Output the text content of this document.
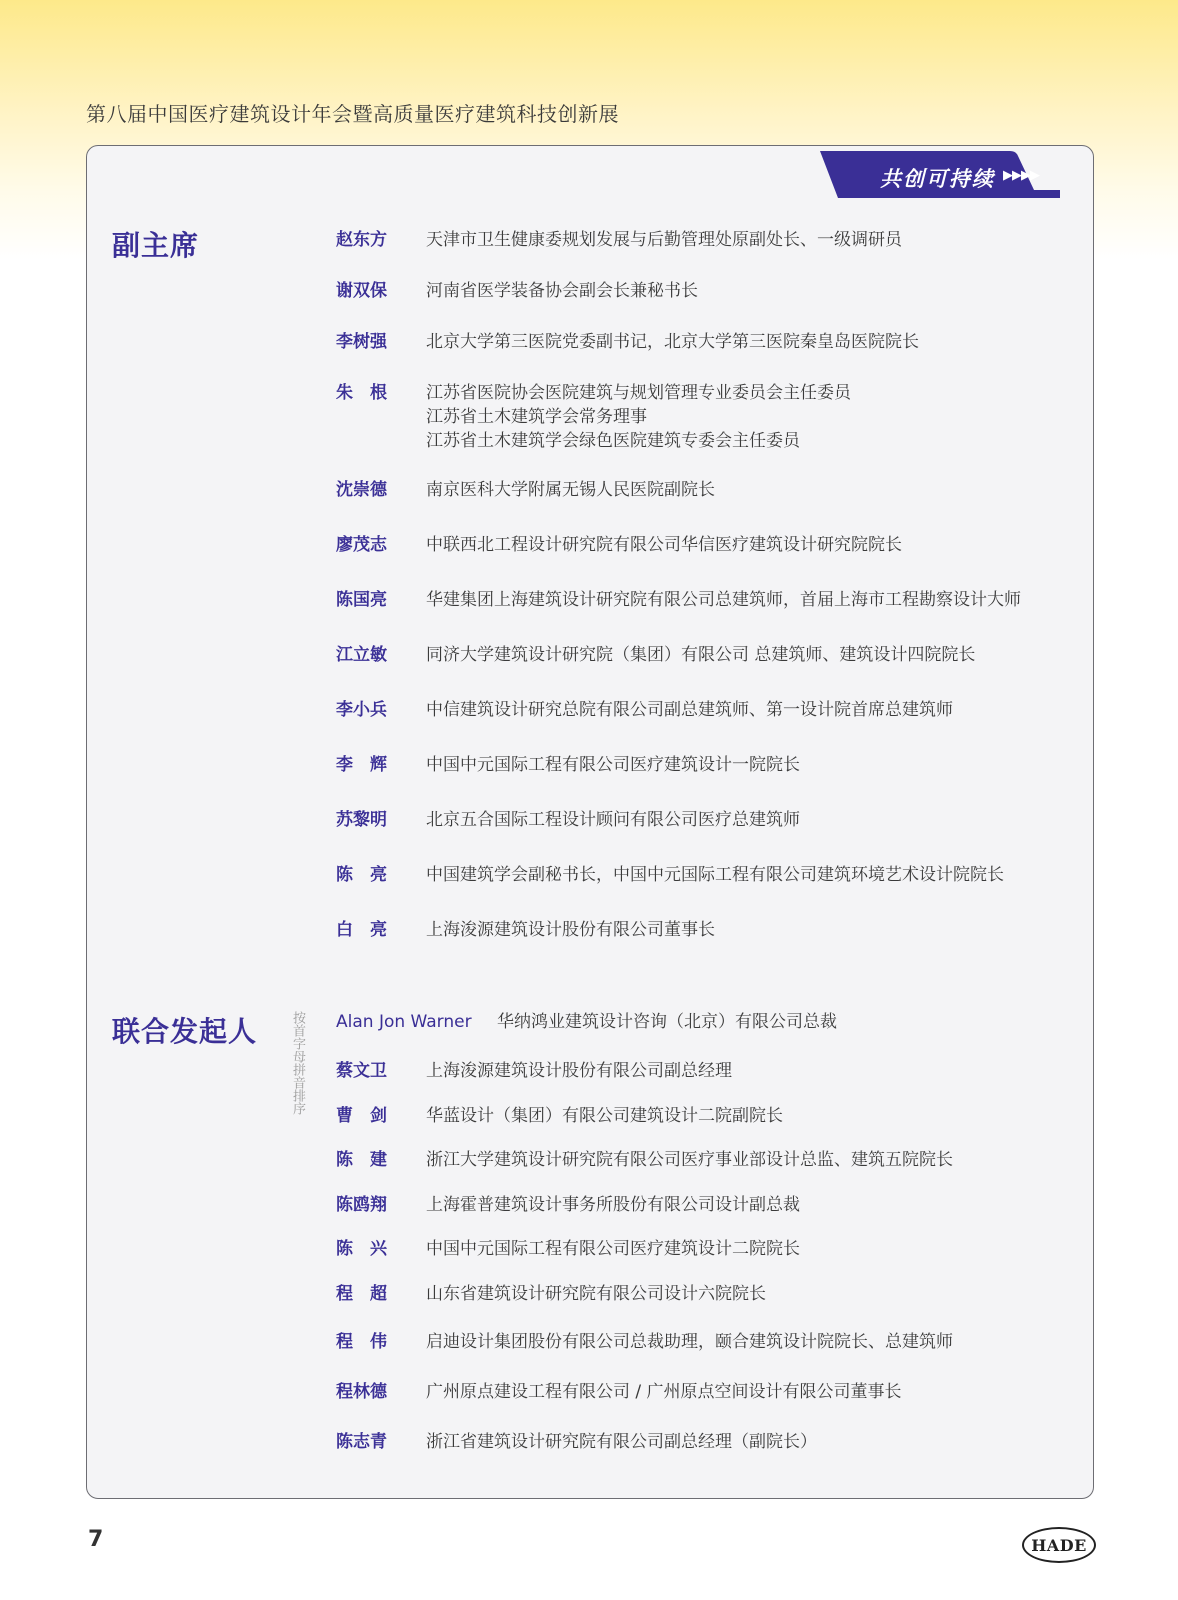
第八届中国医疗建筑设计年会暨高质量医疗建筑科技创新展
共创可持续 ▶▶▶▶
副主席
联合发起人	按首字母拼音排序
赵东方 天津市卫生健康委规划发展与后勤管理处原副处长、一级调研员
谢双保 河南省医学装备协会副会长兼秘书长
李树强 北京大学第三医院党委副书记，北京大学第三医院秦皇岛医院院长
朱　根 江苏省医院协会医院建筑与规划管理专业委员会主任委员
江苏省土木建筑学会常务理事
江苏省土木建筑学会绿色医院建筑专委会主任委员
沈崇德 南京医科大学附属无锡人民医院副院长
廖茂志 中联西北工程设计研究院有限公司华信医疗建筑设计研究院院长
陈国亮 华建集团上海建筑设计研究院有限公司总建筑师，首届上海市工程勘察设计大师
江立敏 同济大学建筑设计研究院（集团）有限公司 总建筑师、建筑设计四院院长
李小兵 中信建筑设计研究总院有限公司副总建筑师、第一设计院首席总建筑师
李　辉 中国中元国际工程有限公司医疗建筑设计一院院长
苏黎明 北京五合国际工程设计顾问有限公司医疗总建筑师
陈　亮 中国建筑学会副秘书长，中国中元国际工程有限公司建筑环境艺术设计院院长
白　亮 上海浚源建筑设计股份有限公司董事长
Alan Jon Warner 华纳鸿业建筑设计咨询（北京）有限公司总裁
蔡文卫 上海浚源建筑设计股份有限公司副总经理
曹　剑 华蓝设计（集团）有限公司建筑设计二院副院长
陈　建 浙江大学建筑设计研究院有限公司医疗事业部设计总监、建筑五院院长
陈鸥翔 上海霍普建筑设计事务所股份有限公司设计副总裁
陈　兴 中国中元国际工程有限公司医疗建筑设计二院院长
程　超 山东省建筑设计研究院有限公司设计六院院长
程　伟 启迪设计集团股份有限公司总裁助理，颐合建筑设计院院长、总建筑师
程林德 广州原点建设工程有限公司 / 广州原点空间设计有限公司董事长
陈志青 浙江省建筑设计研究院有限公司副总经理（副院长）
7	HADE
